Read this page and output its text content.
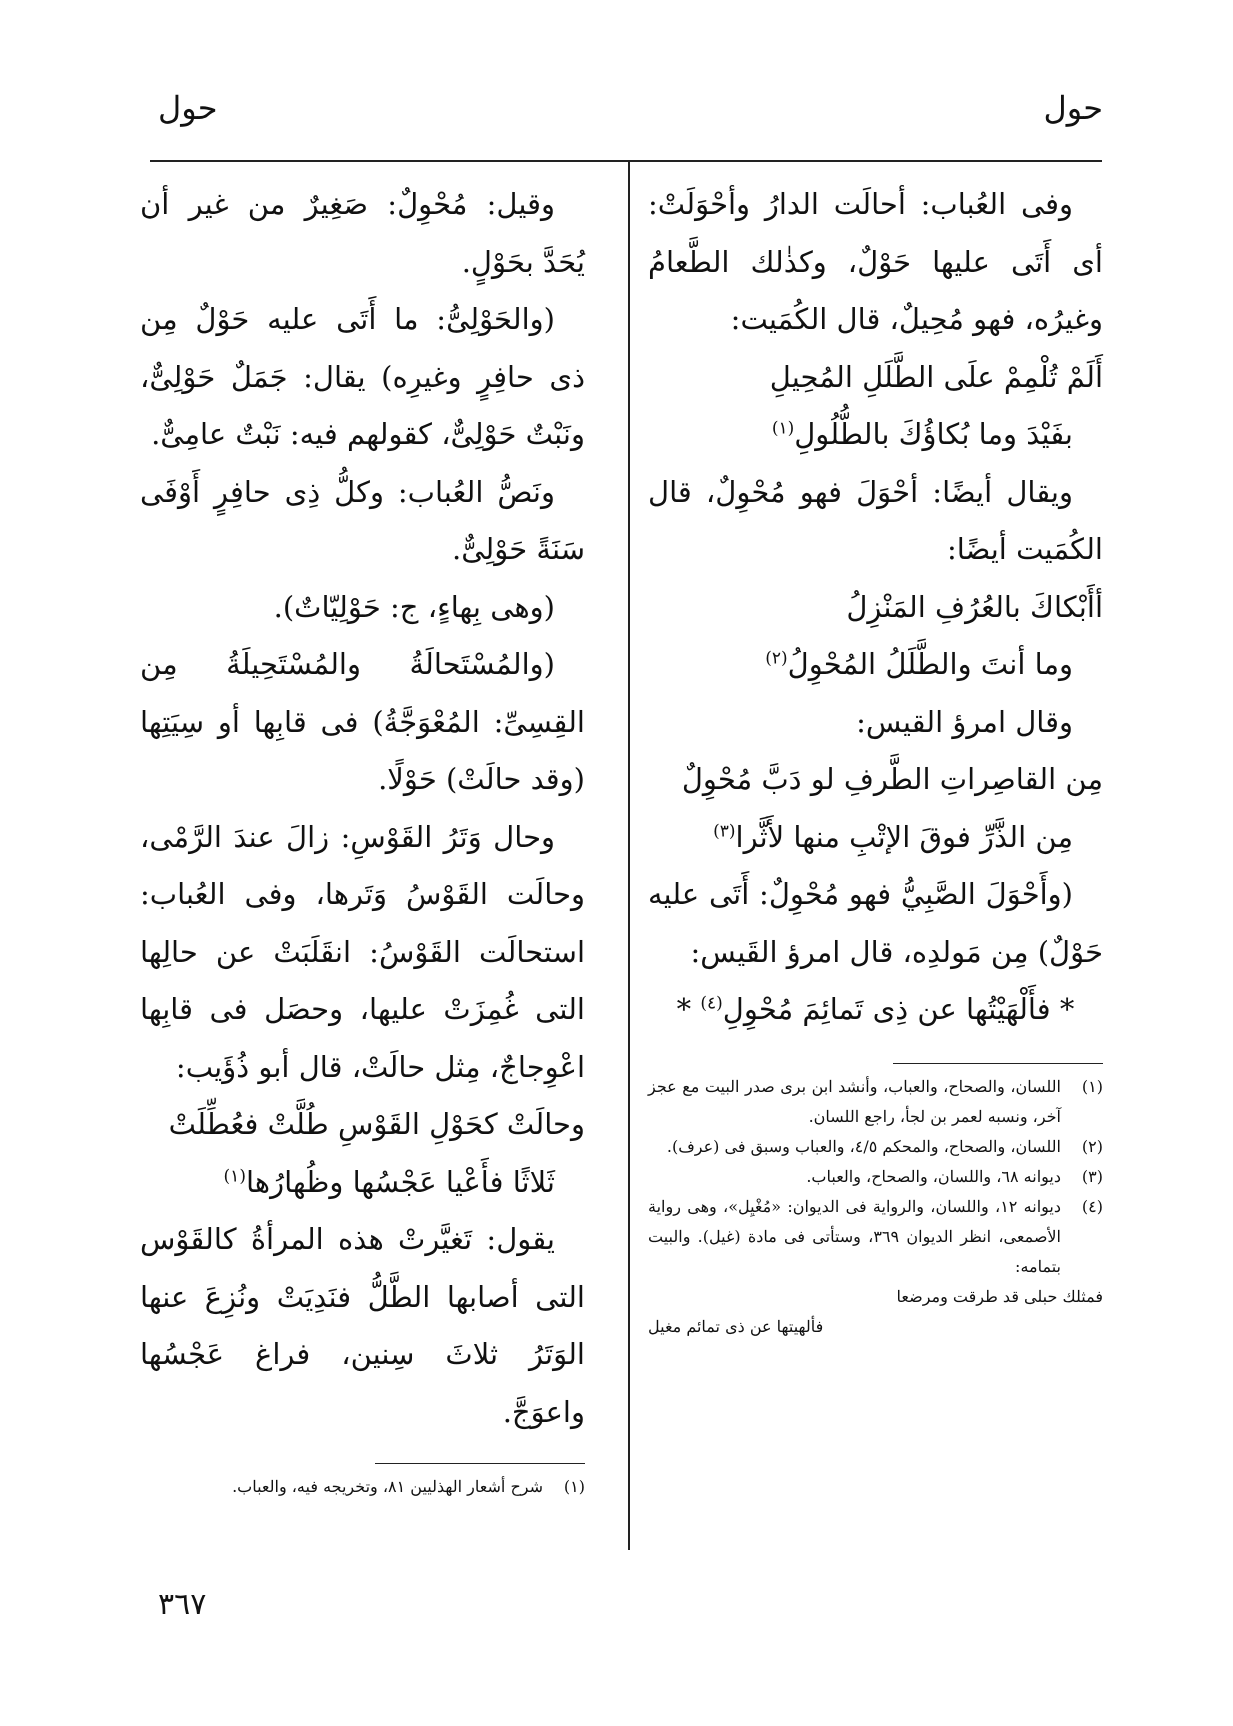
حول
حول

وفى العُباب: أحالَت الدارُ وأحْوَلَتْ: أى أَتَى عليها حَوْلٌ، وكذٰلك الطَّعامُ وغيرُه، فهو مُحِيلٌ، قال الكُمَيت:

أَلَمْ تُلْمِمْ علَى الطَّلَلِ المُحِيلِ

بفَيْدَ وما بُكاؤُكَ بالطُّلُولِ$^{(١)}$

ويقال أيضًا: أحْوَلَ فهو مُحْوِلٌ، قال الكُمَيت أيضًا:

أأَبْكاكَ بالعُرُفِ المَنْزِلُ

وما أنتَ والطَّلَلُ المُحْوِلُ$^{(٢)}$

وقال امرؤ القيس:

مِن القاصِراتِ الطَّرفِ لو دَبَّ مُحْوِلٌ

مِن الذَّرِّ فوقَ الإتْبِ منها لأَثَّرا$^{(٣)}$

(وأَحْوَلَ الصَّبِيُّ فهو مُحْوِلٌ: أَتَى عليه حَوْلٌ) مِن مَولدِه، قال امرؤ القَيس:

* فأَلْهَيْتُها عن ذِى تَمائِمَ مُحْوِلِ$^{(٤)}$ *

(١)
اللسان، والصحاح، والعباب، وأنشد ابن برى صدر البيت مع عجز آخر، ونسبه لعمر بن لجأ، راجع اللسان.
(٢)
اللسان، والصحاح، والمحكم ٤/٥، والعباب وسبق فى (عرف).
(٣)
ديوانه ٦٨، واللسان، والصحاح، والعباب.
(٤)
ديوانه ١٢، واللسان، والرواية فى الديوان: «مُغْيِل»، وهى رواية الأصمعى، انظر الديوان ٣٦٩، وستأتى فى مادة (غيل). والبيت بتمامه:

فمثلك حبلى قد طرقت ومرضعا

فألهيتها عن ذى تمائم مغيل

وقيل: مُحْوِلٌ: صَغِيرٌ من غير أن يُحَدَّ بحَوْلٍ.

(والحَوْلِىُّ: ما أَتَى عليه حَوْلٌ مِن ذى حافِرٍ وغيرِه) يقال: جَمَلٌ حَوْلِىٌّ، ونَبْتٌ حَوْلِىٌّ، كقولهم فيه: نَبْتٌ عامِىٌّ.

ونَصُّ العُباب: وكلُّ ذِى حافِرٍ أَوْفَى سَنَةً حَوْلِىٌّ.

(وهى بِهاءٍ، ج: حَوْلِيّاتٌ).

(والمُسْتَحالَةُ والمُسْتَحِيلَةُ مِن القِسِىِّ: المُعْوَجَّةُ) فى قابِها أو سِيَتِها (وقد حالَتْ) حَوْلًا.

وحال وَتَرُ القَوْسِ: زالَ عندَ الرَّمْى، وحالَت القَوْسُ وَتَرها، وفى العُباب: استحالَت القَوْسُ: انقَلَبَتْ عن حالِها التى غُمِزَتْ عليها، وحصَل فى قابِها اعْوِجاجٌ، مِثل حالَتْ، قال أبو ذُؤَيب:

وحالَتْ كحَوْلِ القَوْسِ طُلَّتْ فعُطِّلَتْ

ثَلاثًا فأَعْيا عَجْسُها وظُهارُها$^{(١)}$

يقول: تَغيَّرتْ هذه المرأةُ كالقَوْس التى أصابها الطَّلُّ فنَدِيَتْ ونُزِعَ عنها الوَتَرُ ثلاثَ سِنين، فراغ عَجْسُها واعوَجَّ.

(١)
شرح أشعار الهذليين ٨١، وتخريجه فيه، والعباب.
٣٦٧
